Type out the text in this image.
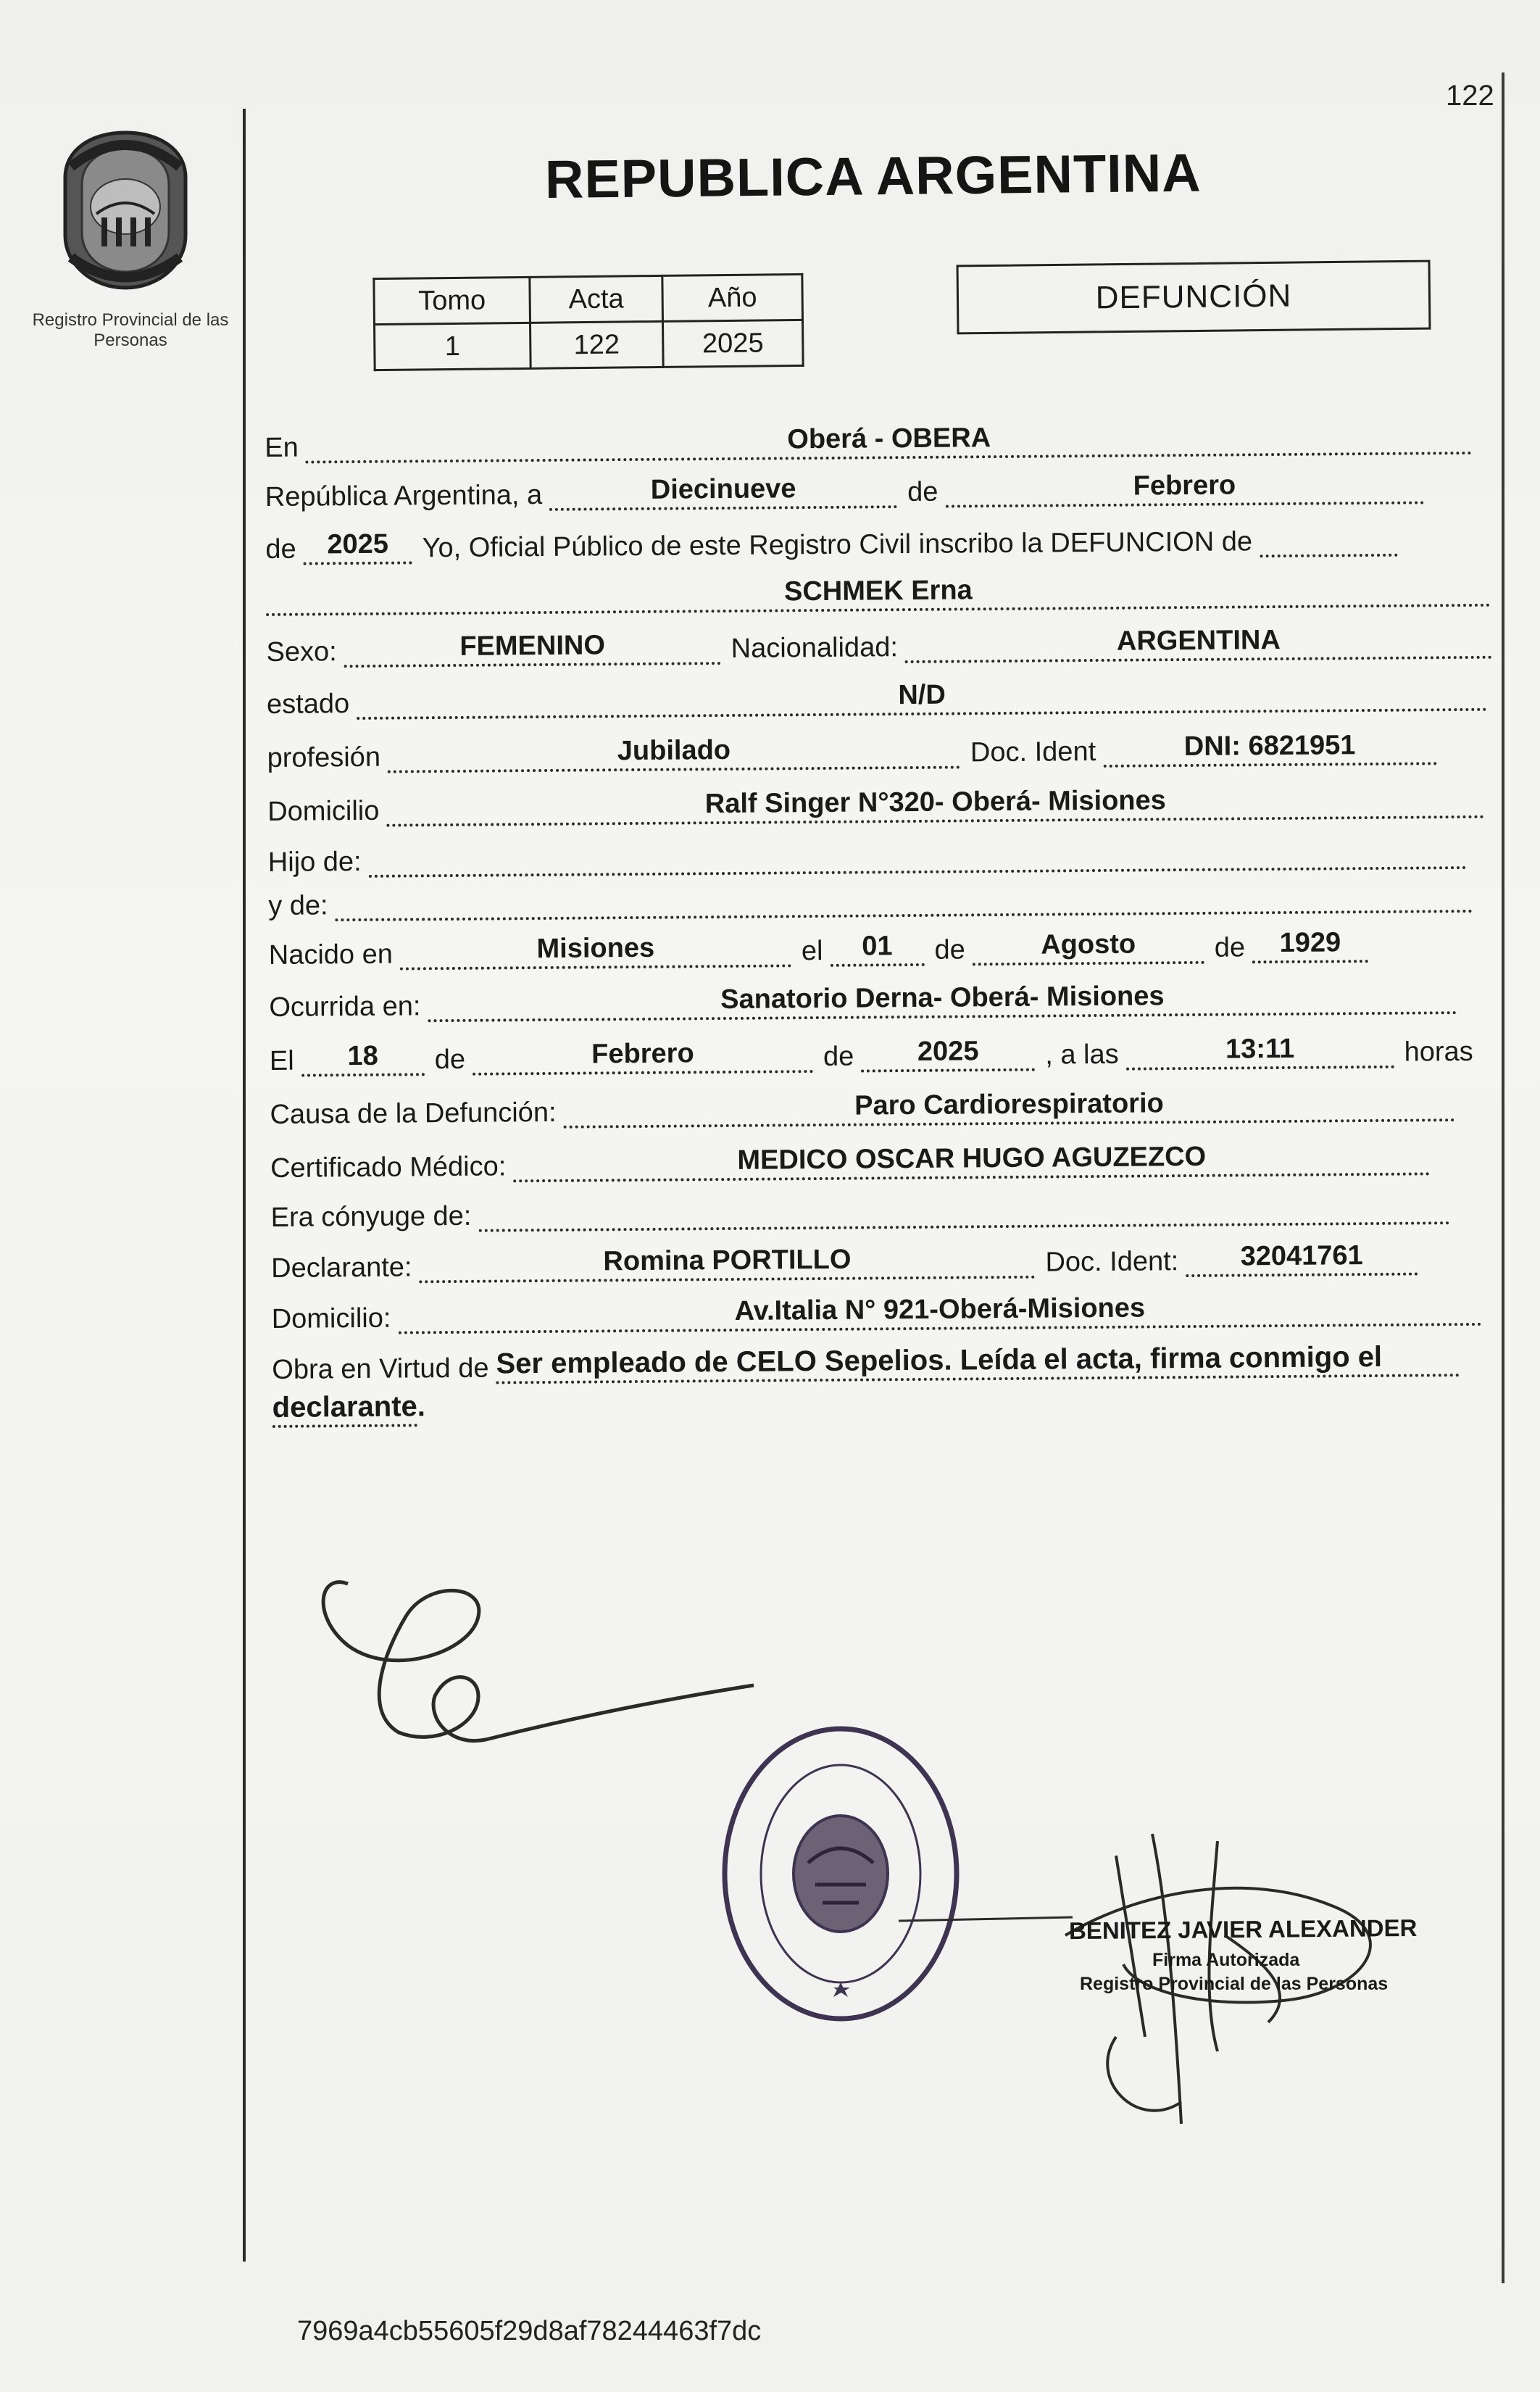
122
Registro Provincial de las Personas
REPUBLICA ARGENTINA
Tomo	Acta	Año
1	122	2025
DEFUNCIÓN
En	Oberá - OBERA
República Argentina, a	Diecinueve	de	Febrero
de	2025	Yo, Oficial Público de este Registro Civil inscribo la DEFUNCION de
SCHMEK Erna
Sexo:	FEMENINO	Nacionalidad:	ARGENTINA
estado	N/D
profesión	Jubilado	Doc. Ident	DNI: 6821951
Domicilio	Ralf Singer N°320- Oberá- Misiones
Hijo de:
y de:
Nacido en	Misiones	el	01	de	Agosto	de	1929
Ocurrida en:	Sanatorio Derna- Oberá- Misiones
El	18	de	Febrero	de	2025	, a las	13:11	horas
Causa de la Defunción:	Paro Cardiorespiratorio
Certificado Médico:	MEDICO OSCAR HUGO AGUZEZCO
Era cónyuge de:
Declarante:	Romina PORTILLO	Doc. Ident:	32041761
Domicilio:	Av.Italia N° 921-Oberá-Misiones
Obra en Virtud de Ser empleado de CELO Sepelios. Leída el acta, firma conmigo el
declarante.
BENITEZ JAVIER ALEXANDER
Firma Autorizada
Registro Provincial de las Personas
7969a4cb55605f29d8af78244463f7dc
